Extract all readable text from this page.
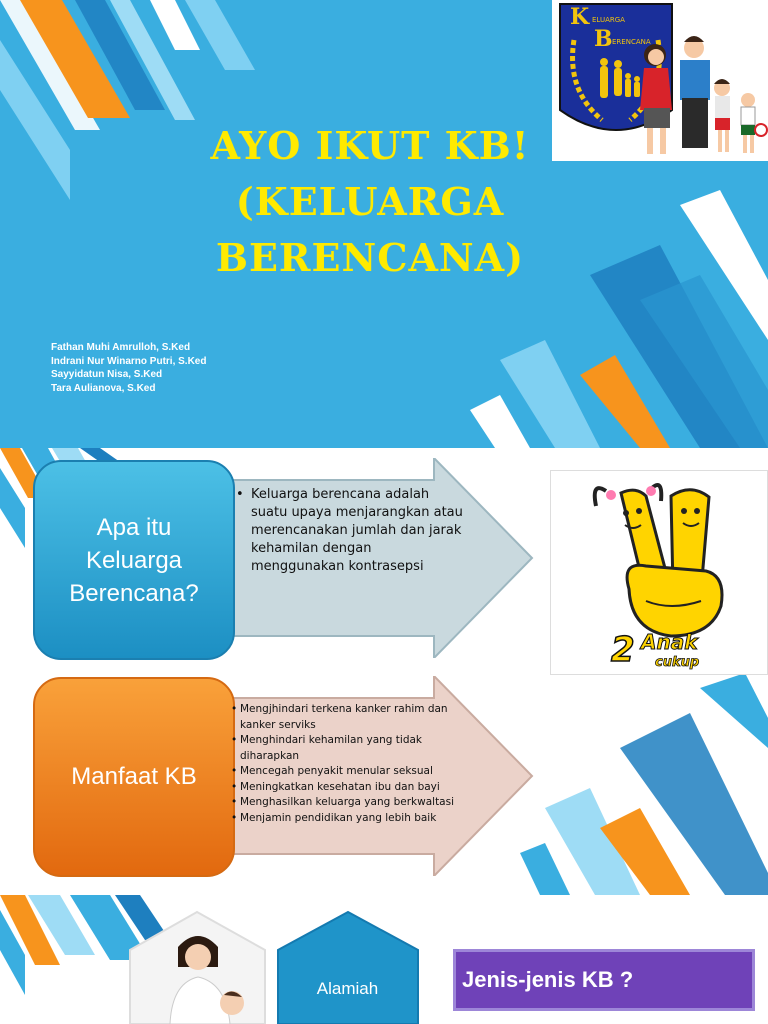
AYO IKUT KB!
(KELUARGA
BERENCANA)
Fathan Muhi Amrulloh, S.Ked
Indrani Nur Winarno Putri, S.Ked
Sayyidatun Nisa, S.Ked
Tara Aulianova, S.Ked
K ELUARGA
B ERENCANA
Apa itu
Keluarga
Berencana?
• Keluarga berencana adalah suatu upaya menjarangkan atau merencanakan jumlah dan jarak kehamilan dengan menggunakan kontrasepsi
Manfaat KB
• Mengjhindari terkena kanker rahim dan kanker serviks
• Menghindari kehamilan yang tidak diharapkan
• Mencegah penyakit menular seksual
• Meningkatkan kesehatan ibu dan bayi
• Menghasilkan keluarga yang berkwaltasi
• Menjamin pendidikan yang lebih baik
2 Anak
cukup
Alamiah	Jenis-jenis KB ?
